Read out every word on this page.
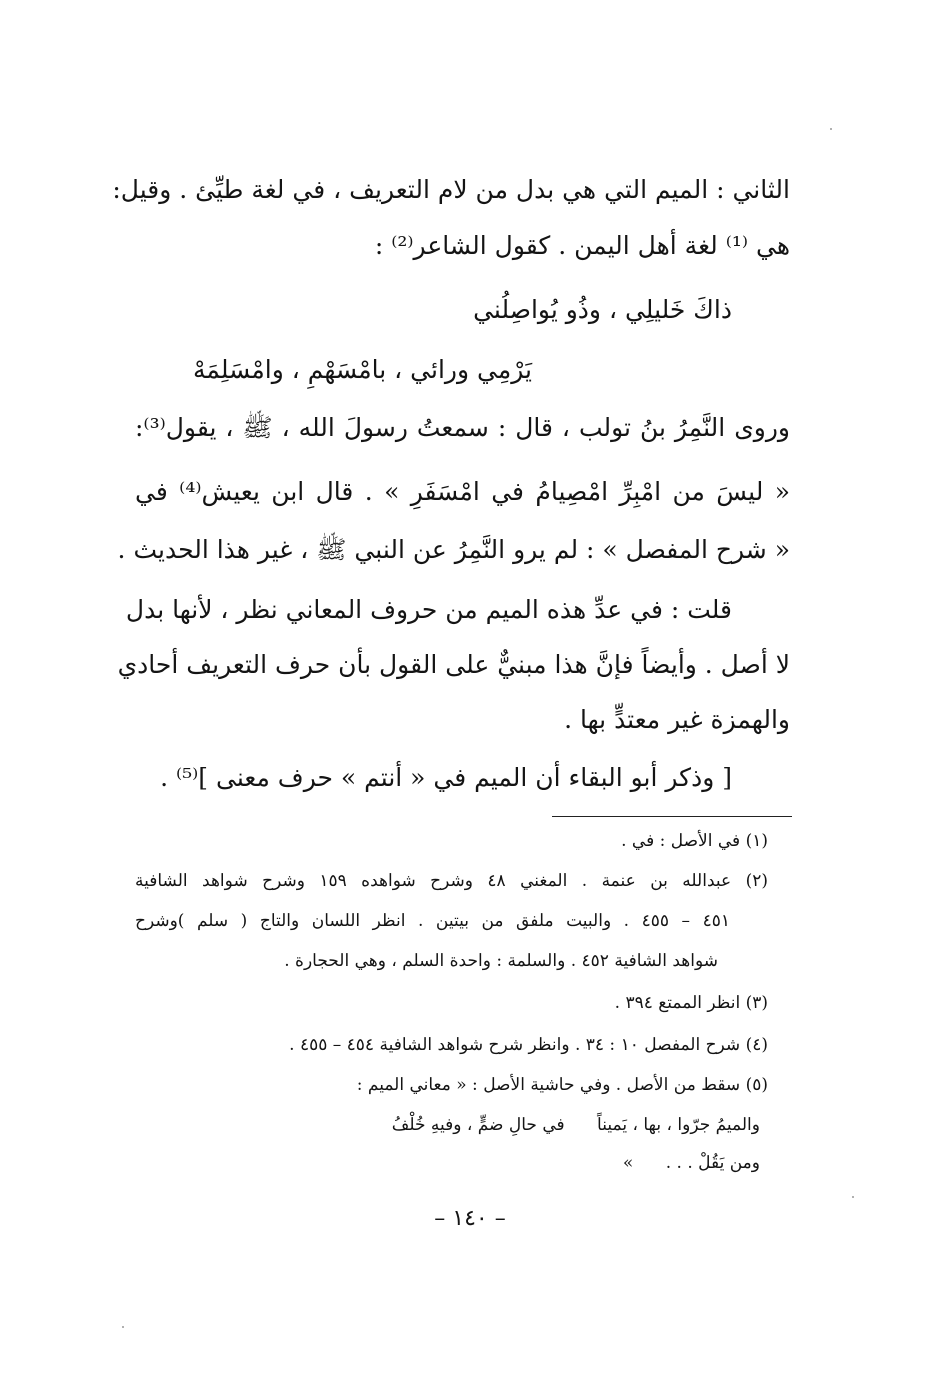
الثاني : الميم التي هي بدل من لام التعريف ، في لغة طيِّئ . وقيل:
هي ⁽¹⁾ لغة أهل اليمن . كقول الشاعر⁽²⁾ :
ذاكَ خَليلِي ، وذُو يُواصِلُني
يَرْمِي ورائي ، بامْسَهْمِ ، وامْسَلِمَهْ
وروى النَّمِرُ بنُ تولب ، قال : سمعتُ رسولَ الله ، ﷺ ، يقول⁽³⁾:
« ليسَ من امْبِرِّ امْصِيامُ في امْسَفَرِ » . قال ابن يعيش⁽⁴⁾ في
« شرح المفصل » : لم يرو النَّمِرُ عن النبي ﷺ ، غير هذا الحديث .
قلت : في عدِّ هذه الميم من حروف المعاني نظر ، لأنها بدل
لا أصل . وأيضاً فإنَّ هذا مبنيٌّ على القول بأن حرف التعريف أحادي
والهمزة غير معتدٍّ بها .
[ وذكر أبو البقاء أن الميم في « أنتم » حرف معنى ]⁽⁵⁾ .
(١) في الأصل : في .
(٢) عبدالله بن عنمة . المغني ٤٨ وشرح شواهده ١٥٩ وشرح شواهد الشافية
٤٥١ – ٤٥٥ . والبيت ملفق من بيتين . انظر اللسان والتاج ( سلم )وشرح
شواهد الشافية ٤٥٢ . والسلمة : واحدة السلم ، وهي الحجارة .
(٣) انظر الممتع ٣٩٤ .
(٤) شرح المفصل ١٠ : ٣٤ . وانظر شرح شواهد الشافية ٤٥٤ – ٤٥٥ .
(٥) سقط من الأصل . وفي حاشية الأصل : « معاني الميم :
والميمُ جرّوا ، بها ، يَميناً      في حالِ ضمٍّ ، وفيهِ خُلْفُ
ومن يَقُلْ . . .      »
– ١٤٠ –
